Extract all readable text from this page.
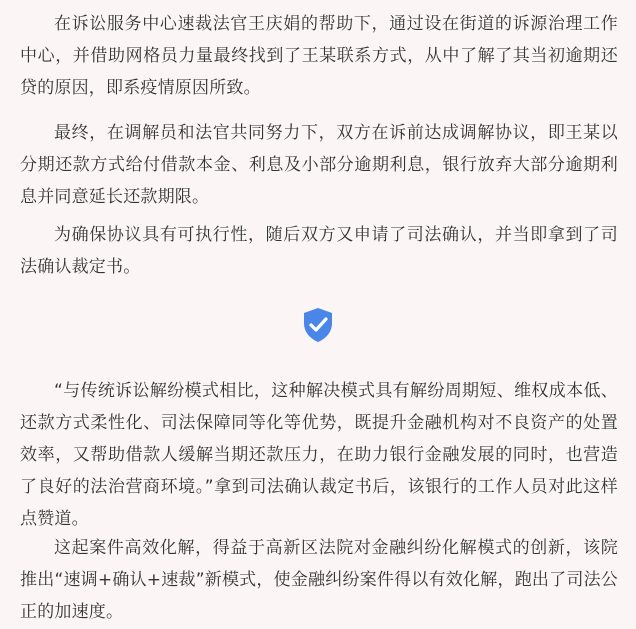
在诉讼服务中心速裁法官王庆娟的帮助下，通过设在街道的诉源治理工作中心，并借助网格员力量最终找到了王某联系方式，从中了解了其当初逾期还贷的原因，即系疫情原因所致。

最终，在调解员和法官共同努力下，双方在诉前达成调解协议，即王某以分期还款方式给付借款本金、利息及小部分逾期利息，银行放弃大部分逾期利息并同意延长还款期限。

为确保协议具有可执行性，随后双方又申请了司法确认，并当即拿到了司法确认裁定书。

“与传统诉讼解纷模式相比，这种解决模式具有解纷周期短、维权成本低、还款方式柔性化、司法保障同等化等优势，既提升金融机构对不良资产的处置效率，又帮助借款人缓解当期还款压力，在助力银行金融发展的同时，也营造了良好的法治营商环境。”拿到司法确认裁定书后，该银行的工作人员对此这样点赞道。

这起案件高效化解，得益于高新区法院对金融纠纷化解模式的创新，该院推出“速调+确认+速裁”新模式，使金融纠纷案件得以有效化解，跑出了司法公正的加速度。
